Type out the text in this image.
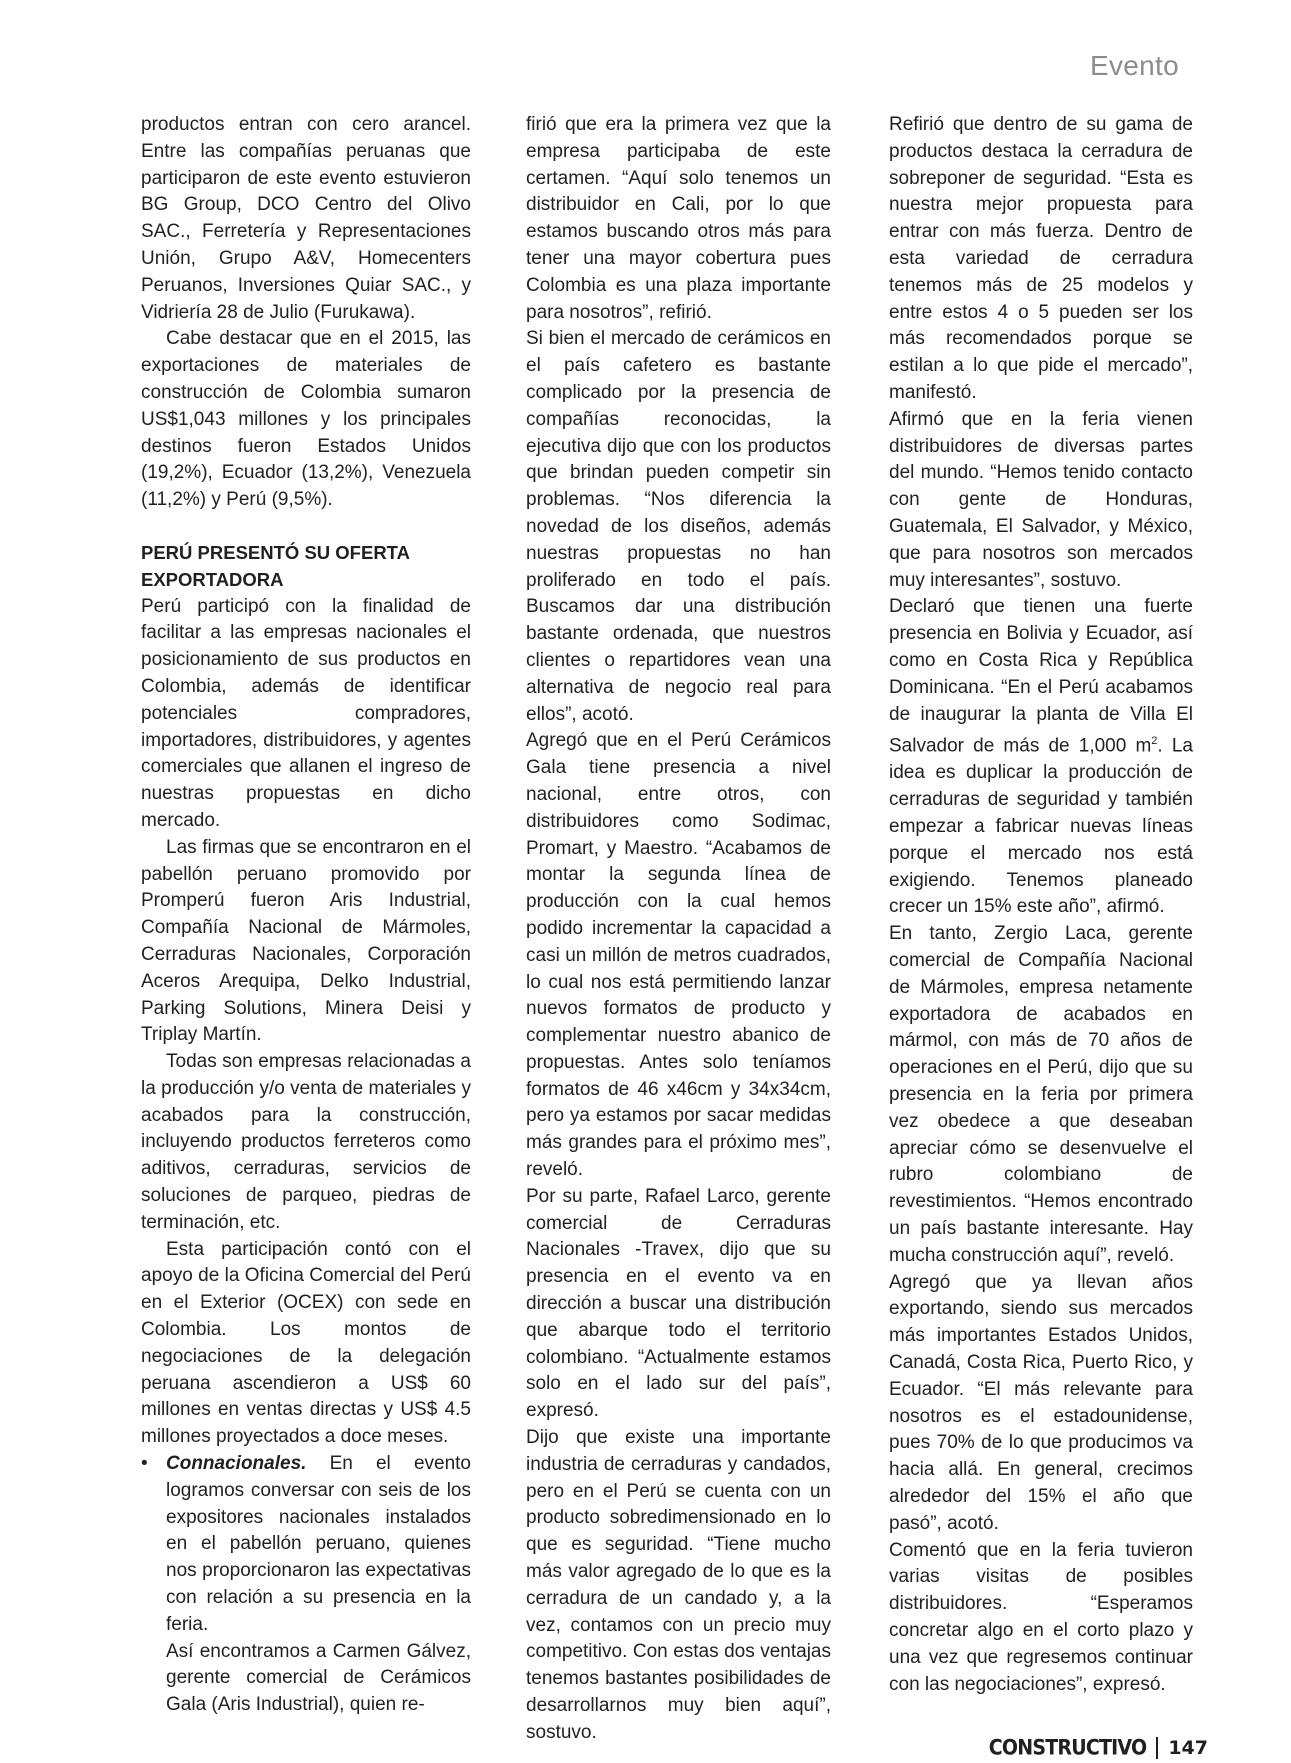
Evento

productos entran con cero arancel. Entre las compañías peruanas que participaron de este evento estuvieron BG Group, DCO Centro del Olivo SAC., Ferretería y Representaciones Unión, Grupo A&V, Homecenters Peruanos, Inversiones Quiar SAC., y Vidriería 28 de Julio (Furukawa).

Cabe destacar que en el 2015, las exportaciones de materiales de construcción de Colombia sumaron US$1,043 millones y los principales destinos fueron Estados Unidos (19,2%), Ecuador (13,2%), Venezuela (11,2%) y Perú (9,5%).

PERÚ PRESENTÓ SU OFERTA EXPORTADORA

Perú participó con la finalidad de facilitar a las empresas nacionales el posicionamiento de sus productos en Colombia, además de identificar potenciales compradores, importadores, distribuidores, y agentes comerciales que allanen el ingreso de nuestras propuestas en dicho mercado.

Las firmas que se encontraron en el pabellón peruano promovido por Promperú fueron Aris Industrial, Compañía Nacional de Mármoles, Cerraduras Nacionales, Corporación Aceros Arequipa, Delko Industrial, Parking Solutions, Minera Deisi y Triplay Martín.

Todas son empresas relacionadas a la producción y/o venta de materiales y acabados para la construcción, incluyendo productos ferreteros como aditivos, cerraduras, servicios de soluciones de parqueo, piedras de terminación, etc.

Esta participación contó con el apoyo de la Oficina Comercial del Perú en el Exterior (OCEX) con sede en Colombia. Los montos de negociaciones de la delegación peruana ascendieron a US$ 60 millones en ventas directas y US$ 4.5 millones proyectados a doce meses.

• Connacionales. En el evento logramos conversar con seis de los expositores nacionales instalados en el pabellón peruano, quienes nos proporcionaron las expectativas con relación a su presencia en la feria.

Así encontramos a Carmen Gálvez, gerente comercial de Cerámicos Gala (Aris Industrial), quien re-

firió que era la primera vez que la empresa participaba de este certamen. “Aquí solo tenemos un distribuidor en Cali, por lo que estamos buscando otros más para tener una mayor cobertura pues Colombia es una plaza importante para nosotros”, refirió.

Si bien el mercado de cerámicos en el país cafetero es bastante complicado por la presencia de compañías reconocidas, la ejecutiva dijo que con los productos que brindan pueden competir sin problemas. “Nos diferencia la novedad de los diseños, además nuestras propuestas no han proliferado en todo el país. Buscamos dar una distribución bastante ordenada, que nuestros clientes o repartidores vean una alternativa de negocio real para ellos”, acotó.

Agregó que en el Perú Cerámicos Gala tiene presencia a nivel nacional, entre otros, con distribuidores como Sodimac, Promart, y Maestro. “Acabamos de montar la segunda línea de producción con la cual hemos podido incrementar la capacidad a casi un millón de metros cuadrados, lo cual nos está permitiendo lanzar nuevos formatos de producto y complementar nuestro abanico de propuestas. Antes solo teníamos formatos de 46 x46cm y 34x34cm, pero ya estamos por sacar medidas más grandes para el próximo mes”, reveló.

Por su parte, Rafael Larco, gerente comercial de Cerraduras Nacionales -Travex, dijo que su presencia en el evento va en dirección a buscar una distribución que abarque todo el territorio colombiano. “Actualmente estamos solo en el lado sur del país”, expresó.

Dijo que existe una importante industria de cerraduras y candados, pero en el Perú se cuenta con un producto sobredimensionado en lo que es seguridad. “Tiene mucho más valor agregado de lo que es la cerradura de un candado y, a la vez, contamos con un precio muy competitivo. Con estas dos ventajas tenemos bastantes posibilidades de desarrollarnos muy bien aquí”, sostuvo.

Refirió que dentro de su gama de productos destaca la cerradura de sobreponer de seguridad. “Esta es nuestra mejor propuesta para entrar con más fuerza. Dentro de esta variedad de cerradura tenemos más de 25 modelos y entre estos 4 o 5 pueden ser los más recomendados porque se estilan a lo que pide el mercado”, manifestó.

Afirmó que en la feria vienen distribuidores de diversas partes del mundo. “Hemos tenido contacto con gente de Honduras, Guatemala, El Salvador, y México, que para nosotros son mercados muy interesantes”, sostuvo.

Declaró que tienen una fuerte presencia en Bolivia y Ecuador, así como en Costa Rica y República Dominicana. “En el Perú acabamos de inaugurar la planta de Villa El Salvador de más de 1,000 $m^2$. La idea es duplicar la producción de cerraduras de seguridad y también empezar a fabricar nuevas líneas porque el mercado nos está exigiendo. Tenemos planeado crecer un 15% este año”, afirmó.

En tanto, Zergio Laca, gerente comercial de Compañía Nacional de Mármoles, empresa netamente exportadora de acabados en mármol, con más de 70 años de operaciones en el Perú, dijo que su presencia en la feria por primera vez obedece a que deseaban apreciar cómo se desenvuelve el rubro colombiano de revestimientos. “Hemos encontrado un país bastante interesante. Hay mucha construcción aquí”, reveló.

Agregó que ya llevan años exportando, siendo sus mercados más importantes Estados Unidos, Canadá, Costa Rica, Puerto Rico, y Ecuador. “El más relevante para nosotros es el estadounidense, pues 70% de lo que producimos va hacia allá. En general, crecimos alrededor del 15% el año que pasó”, acotó.

Comentó que en la feria tuvieron varias visitas de posibles distribuidores. “Esperamos concretar algo en el corto plazo y una vez que regresemos continuar con las negociaciones”, expresó.

CONSTRUCTIVO 147
